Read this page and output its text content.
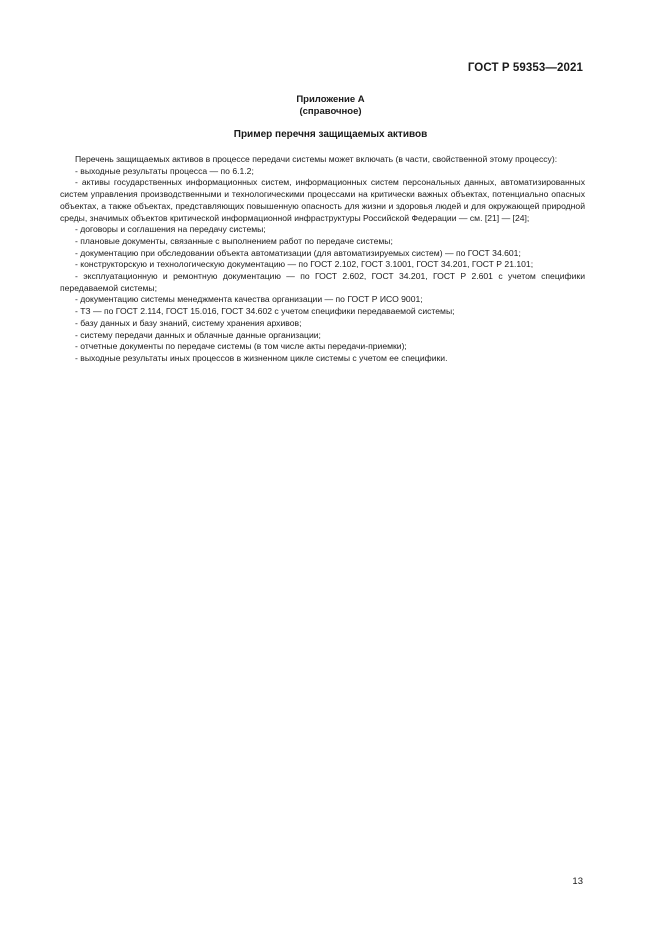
ГОСТ Р 59353—2021
Приложение А
(справочное)
Пример перечня защищаемых активов

Перечень защищаемых активов в процессе передачи системы может включать (в части, свойственной этому процессу):

- выходные результаты процесса — по 6.1.2;

- активы государственных информационных систем, информационных систем персональных данных, автоматизированных систем управления производственными и технологическими процессами на критически важных объектах, потенциально опасных объектах, а также объектах, представляющих повышенную опасность для жизни и здоровья людей и для окружающей природной среды, значимых объектов критической информационной инфраструктуры Российской Федерации — см. [21] — [24];

- договоры и соглашения на передачу системы;

- плановые документы, связанные с выполнением работ по передаче системы;

- документацию при обследовании объекта автоматизации (для автоматизируемых систем) — по ГОСТ 34.601;

- конструкторскую и технологическую документацию — по ГОСТ 2.102, ГОСТ 3.1001, ГОСТ 34.201, ГОСТ Р 21.101;

- эксплуатационную и ремонтную документацию — по ГОСТ 2.602, ГОСТ 34.201, ГОСТ Р 2.601 с учетом специфики передаваемой системы;

- документацию системы менеджмента качества организации — по ГОСТ Р ИСО 9001;

- ТЗ — по ГОСТ 2.114, ГОСТ 15.016, ГОСТ 34.602 с учетом специфики передаваемой системы;

- базу данных и базу знаний, систему хранения архивов;

- систему передачи данных и облачные данные организации;

- отчетные документы по передаче системы (в том числе акты передачи-приемки);

- выходные результаты иных процессов в жизненном цикле системы с учетом ее специфики.

13
